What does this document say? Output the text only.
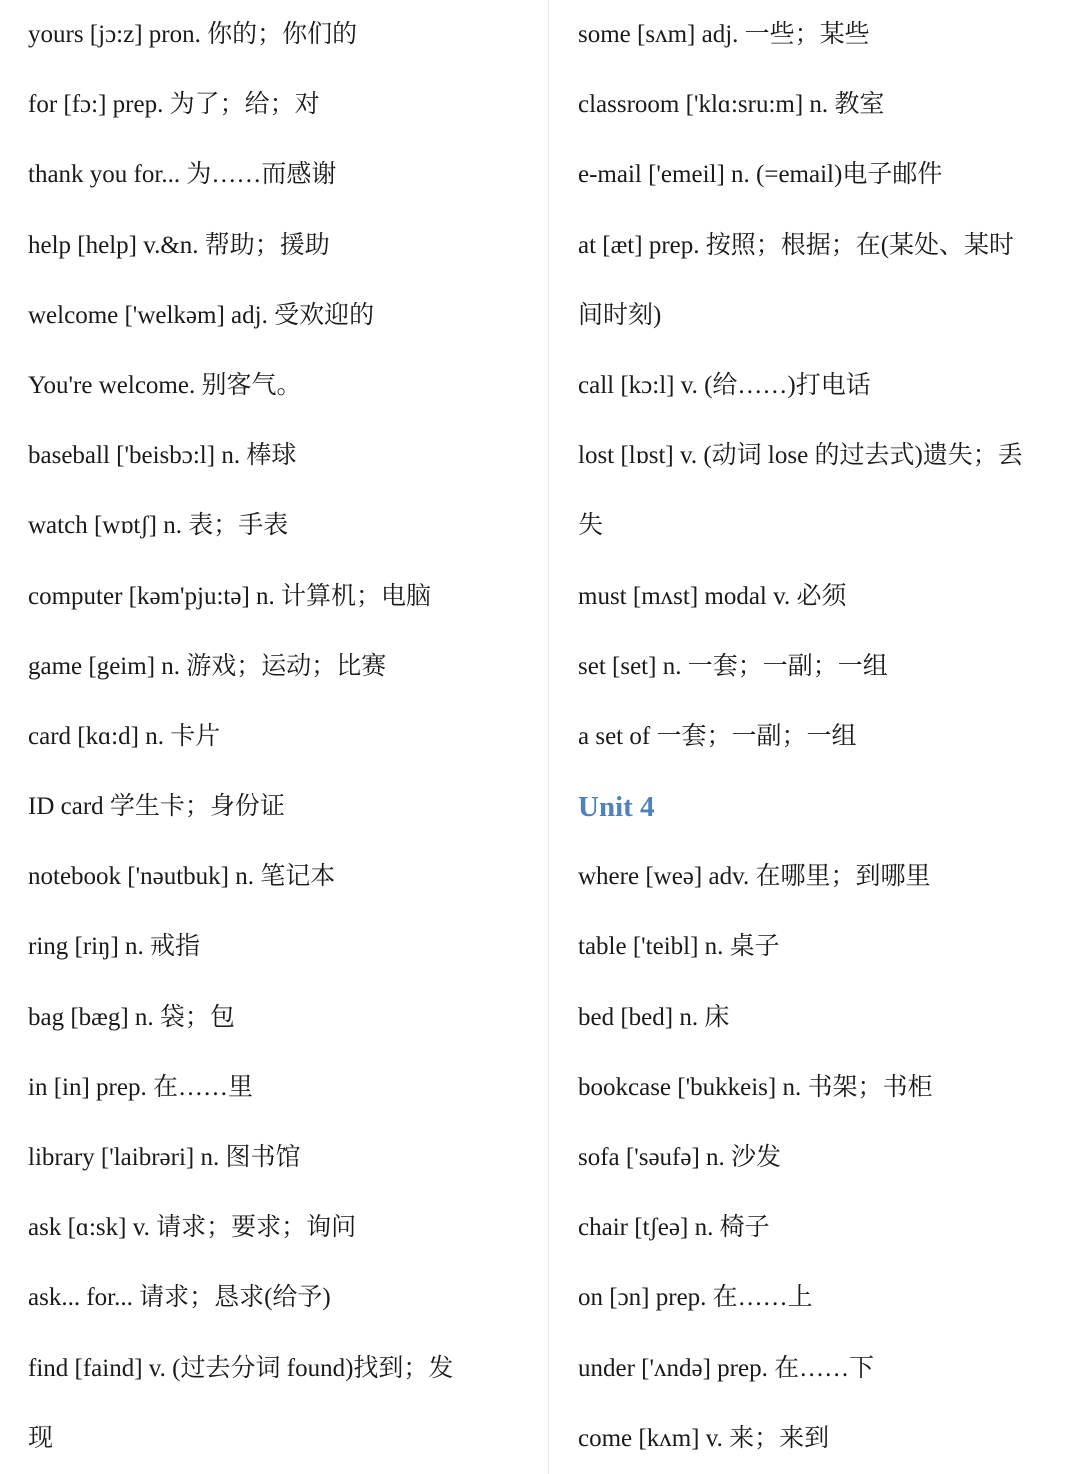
yours [jɔ:z] pron. 你的；你们的
for [fɔ:] prep. 为了；给；对
thank you for... 为……而感谢
help [help] v.&n. 帮助；援助
welcome ['welkəm] adj. 受欢迎的
You're welcome. 别客气。
baseball ['beisbɔ:l] n. 棒球
watch [wɒtʃ] n. 表；手表
computer [kəm'pju:tə] n. 计算机；电脑
game [geim] n. 游戏；运动；比赛
card [kɑ:d] n. 卡片
ID card 学生卡；身份证
notebook ['nəutbuk] n. 笔记本
ring [riŋ] n. 戒指
bag [bæg] n. 袋；包
in [in] prep. 在……里
library ['laibrəri] n. 图书馆
ask [ɑ:sk] v. 请求；要求；询问
ask... for... 请求；恳求(给予)
find [faind] v. (过去分词 found)找到；发
现
some [sʌm] adj. 一些；某些
classroom ['klɑ:sru:m] n. 教室
e-mail ['emeil] n. (=email)电子邮件
at [æt] prep. 按照；根据；在(某处、某时
间时刻)
call [kɔ:l] v. (给……)打电话
lost [lɒst] v. (动词 lose 的过去式)遗失；丢
失
must [mʌst] modal v. 必须
set [set] n. 一套；一副；一组
a set of 一套；一副；一组
Unit 4
where [weə] adv. 在哪里；到哪里
table ['teibl] n. 桌子
bed [bed] n. 床
bookcase ['bukkeis] n. 书架；书柜
sofa ['səufə] n. 沙发
chair [tʃeə] n. 椅子
on [ɔn] prep. 在……上
under ['ʌndə] prep. 在……下
come [kʌm] v. 来；来到
